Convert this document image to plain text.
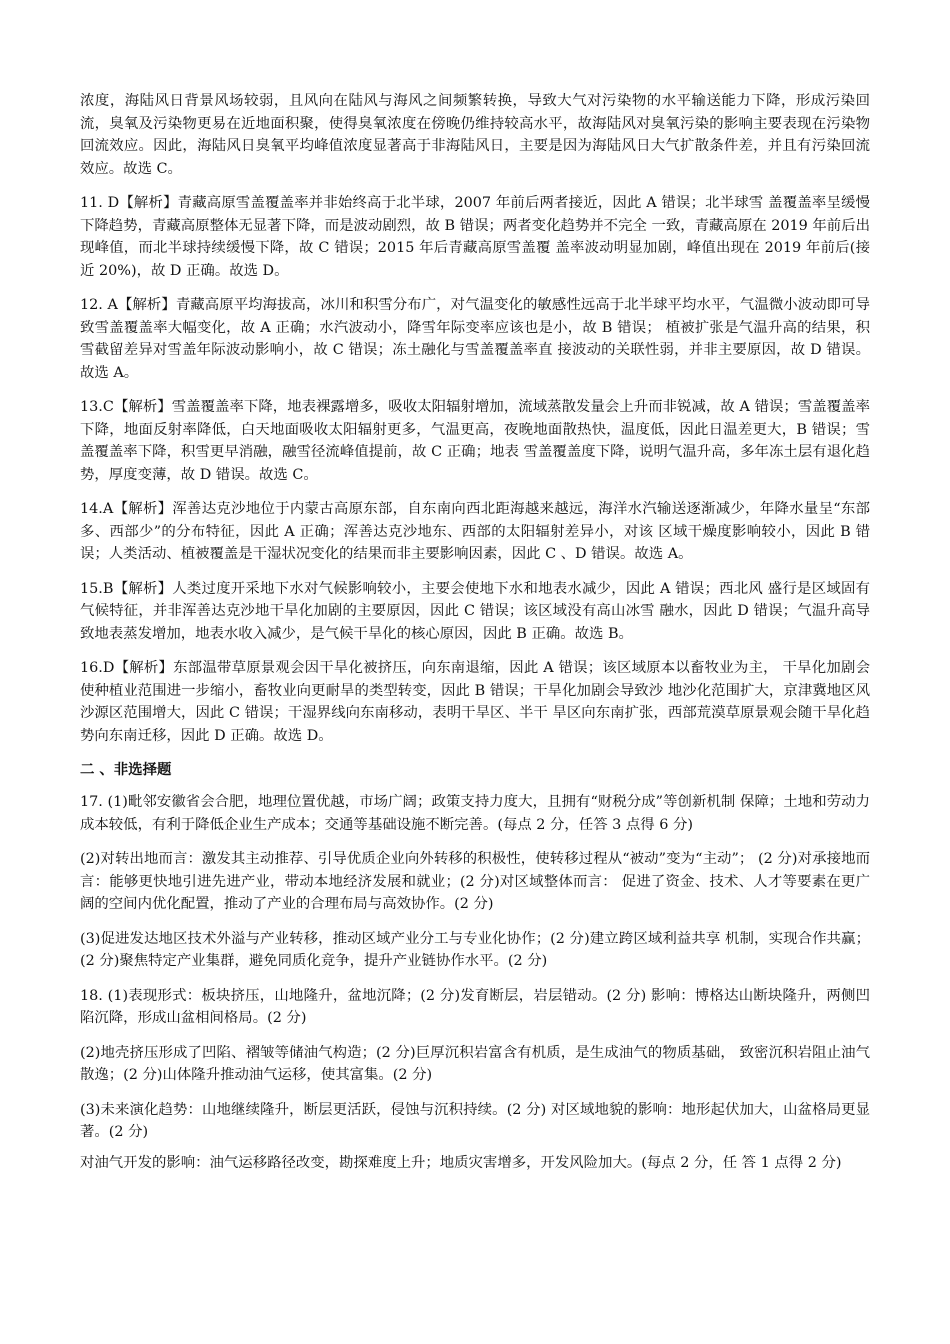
浓度，海陆风日背景风场较弱，且风向在陆风与海风之间频繁转换，导致大气对污染物的水平输送能力下降，形成污染回流，臭氧及污染物更易在近地面积聚，使得臭氧浓度在傍晚仍维持较高水平，故海陆风对臭氧污染的影响主要表现在污染物回流效应。因此，海陆风日臭氧平均峰值浓度显著高于非海陆风日，主要是因为海陆风日大气扩散条件差，并且有污染回流效应。故选 C。

11. D【解析】青藏高原雪盖覆盖率并非始终高于北半球，2007 年前后两者接近，因此 A 错误；北半球雪 盖覆盖率呈缓慢下降趋势，青藏高原整体无显著下降，而是波动剧烈，故 B 错误；两者变化趋势并不完全 一致，青藏高原在 2019 年前后出现峰值，而北半球持续缓慢下降，故 C 错误；2015 年后青藏高原雪盖覆 盖率波动明显加剧，峰值出现在 2019 年前后(接近 20%)，故 D 正确。故选 D。

12. A【解析】青藏高原平均海拔高，冰川和积雪分布广，对气温变化的敏感性远高于北半球平均水平，气温微小波动即可导致雪盖覆盖率大幅变化，故 A 正确；水汽波动小，降雪年际变率应该也是小，故 B 错误； 植被扩张是气温升高的结果，积雪截留差异对雪盖年际波动影响小，故 C 错误；冻土融化与雪盖覆盖率直 接波动的关联性弱，并非主要原因，故 D 错误。故选 A。

13.C【解析】雪盖覆盖率下降，地表裸露增多，吸收太阳辐射增加，流域蒸散发量会上升而非锐减，故 A 错误；雪盖覆盖率下降，地面反射率降低，白天地面吸收太阳辐射更多，气温更高，夜晚地面散热快，温度低，因此日温差更大，B 错误；雪盖覆盖率下降，积雪更早消融，融雪径流峰值提前，故 C 正确；地表 雪盖覆盖度下降，说明气温升高，多年冻土层有退化趋势，厚度变薄，故 D 错误。故选 C。

14.A【解析】浑善达克沙地位于内蒙古高原东部，自东南向西北距海越来越远，海洋水汽输送逐渐减少，年降水量呈“东部多、西部少”的分布特征，因此 A 正确；浑善达克沙地东、西部的太阳辐射差异小，对该 区域干燥度影响较小，因此 B 错误；人类活动、植被覆盖是干湿状况变化的结果而非主要影响因素，因此 C 、D 错误。故选 A。

15.B【解析】人类过度开采地下水对气候影响较小，主要会使地下水和地表水减少，因此 A 错误；西北风 盛行是区域固有气候特征，并非浑善达克沙地干旱化加剧的主要原因，因此 C 错误；该区域没有高山冰雪 融水，因此 D 错误；气温升高导致地表蒸发增加，地表水收入减少，是气候干旱化的核心原因，因此 B 正确。故选 B。

16.D【解析】东部温带草原景观会因干旱化被挤压，向东南退缩，因此 A 错误；该区域原本以畜牧业为主， 干旱化加剧会使种植业范围进一步缩小，畜牧业向更耐旱的类型转变，因此 B 错误；干旱化加剧会导致沙 地沙化范围扩大，京津冀地区风沙源区范围增大，因此 C 错误；干湿界线向东南移动，表明干旱区、半干 旱区向东南扩张，西部荒漠草原景观会随干旱化趋势向东南迁移，因此 D 正确。故选 D。

二 、非选择题

17. (1)毗邻安徽省会合肥，地理位置优越，市场广阔；政策支持力度大，且拥有“财税分成”等创新机制 保障；土地和劳动力成本较低，有利于降低企业生产成本；交通等基础设施不断完善。(每点 2 分，任答 3 点得 6 分)

(2)对转出地而言：激发其主动推荐、引导优质企业向外转移的积极性，使转移过程从“被动”变为“主动”； (2 分)对承接地而言：能够更快地引进先进产业，带动本地经济发展和就业；(2 分)对区域整体而言： 促进了资金、技术、人才等要素在更广阔的空间内优化配置，推动了产业的合理布局与高效协作。(2 分)

(3)促进发达地区技术外溢与产业转移，推动区域产业分工与专业化协作；(2 分)建立跨区域利益共享 机制，实现合作共赢；(2 分)聚焦特定产业集群，避免同质化竞争，提升产业链协作水平。(2 分)

18. (1)表现形式：板块挤压，山地隆升，盆地沉降；(2 分)发育断层，岩层错动。(2 分) 影响：博格达山断块隆升，两侧凹陷沉降，形成山盆相间格局。(2 分)

(2)地壳挤压形成了凹陷、褶皱等储油气构造；(2 分)巨厚沉积岩富含有机质，是生成油气的物质基础， 致密沉积岩阻止油气散逸；(2 分)山体隆升推动油气运移，使其富集。(2 分)

(3)未来演化趋势：山地继续隆升，断层更活跃，侵蚀与沉积持续。(2 分) 对区域地貌的影响：地形起伏加大，山盆格局更显著。(2 分)

对油气开发的影响：油气运移路径改变，勘探难度上升；地质灾害增多，开发风险加大。(每点 2 分，任 答 1 点得 2 分)
